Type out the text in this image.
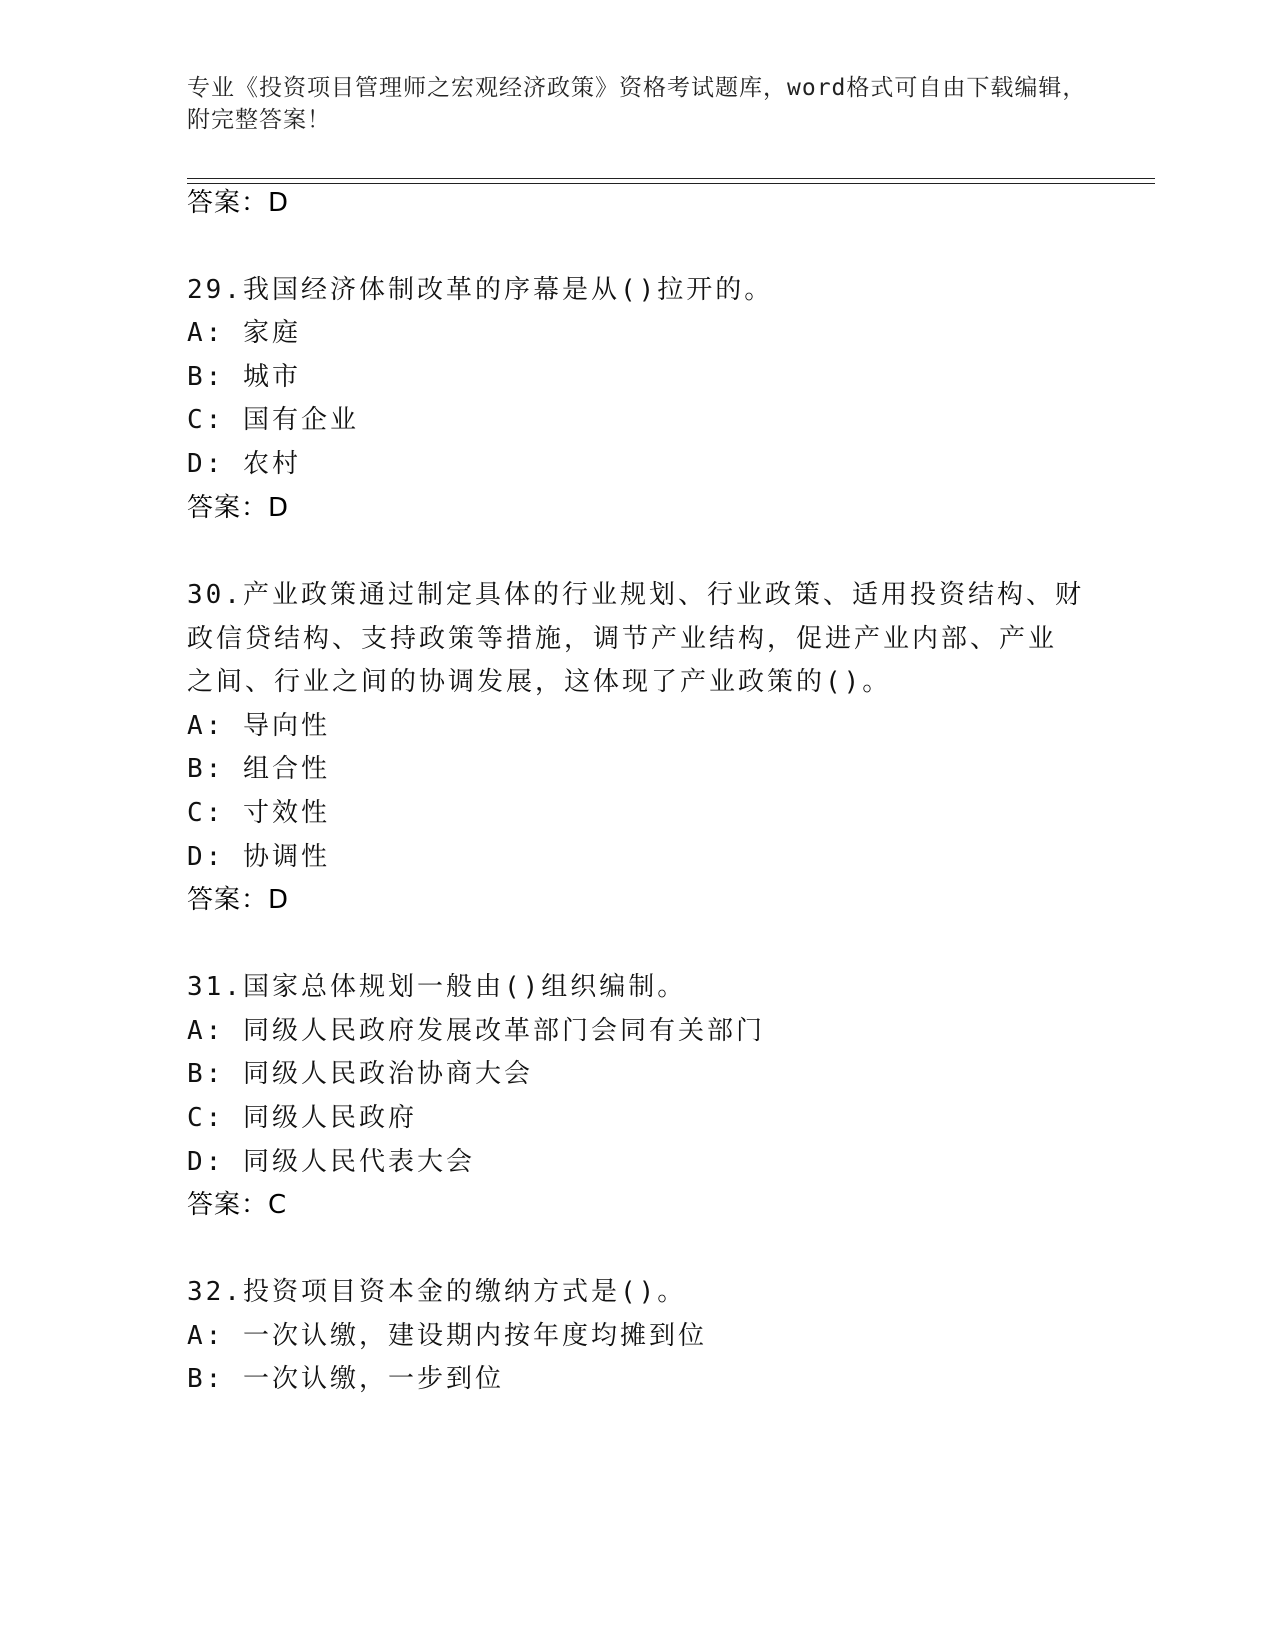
专业《投资项目管理师之宏观经济政策》资格考试题库，word格式可自由下载编辑，附完整答案！
答案：D
29.我国经济体制改革的序幕是从()拉开的。
A: 家庭
B: 城市
C: 国有企业
D: 农村
答案：D
30.产业政策通过制定具体的行业规划、行业政策、适用投资结构、财
政信贷结构、支持政策等措施，调节产业结构，促进产业内部、产业
之间、行业之间的协调发展，这体现了产业政策的()。
A: 导向性
B: 组合性
C: 寸效性
D: 协调性
答案：D
31.国家总体规划一般由()组织编制。
A: 同级人民政府发展改革部门会同有关部门
B: 同级人民政治协商大会
C: 同级人民政府
D: 同级人民代表大会
答案：C
32.投资项目资本金的缴纳方式是()。
A: 一次认缴，建设期内按年度均摊到位
B: 一次认缴，一步到位
